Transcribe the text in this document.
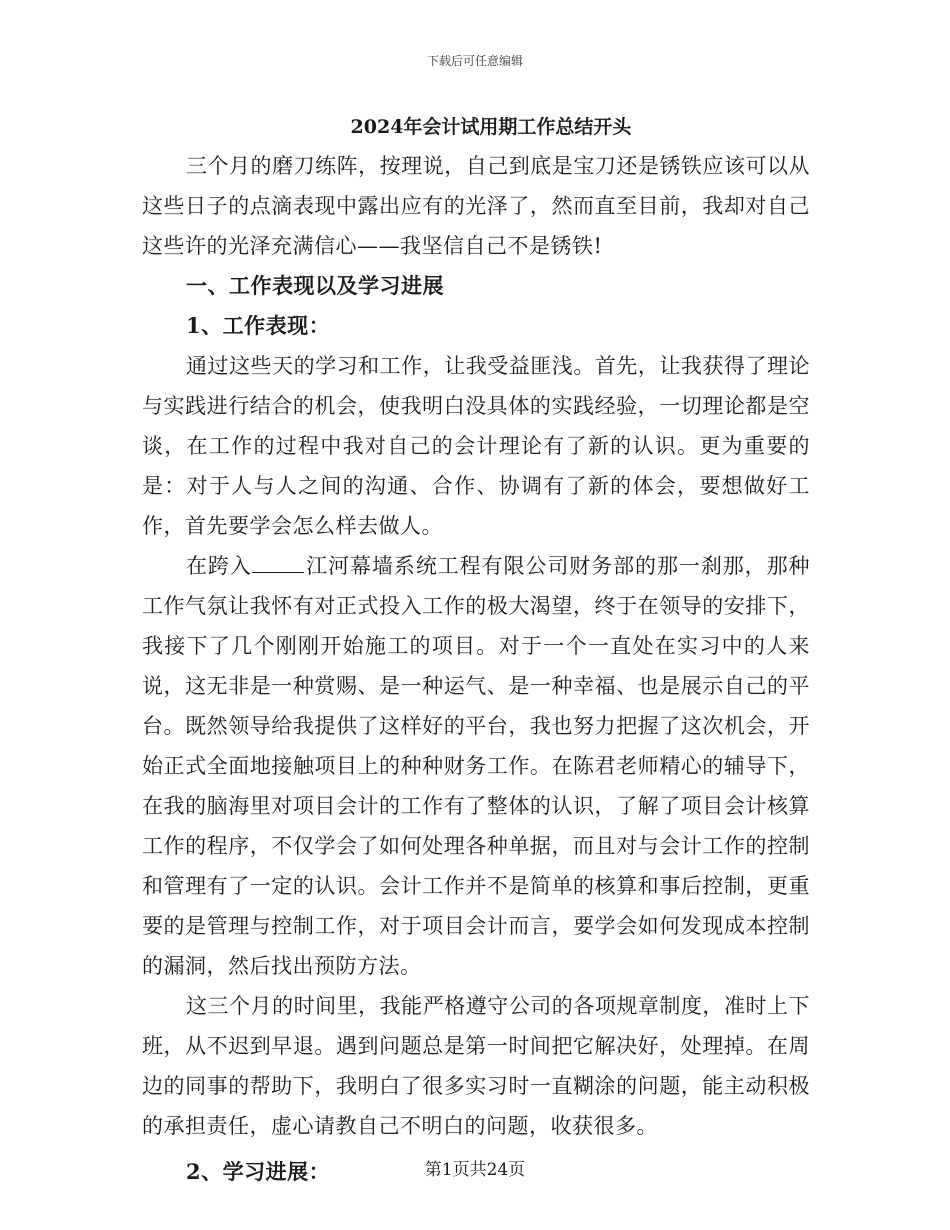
下载后可任意编辑
2024年会计试用期工作总结开头

三个月的磨刀练阵，按理说，自己到底是宝刀还是锈铁应该可以从这些日子的点滴表现中露出应有的光泽了，然而直至目前，我却对自己这些许的光泽充满信心——我坚信自己不是锈铁!

一、工作表现以及学习进展
1、工作表现：

通过这些天的学习和工作，让我受益匪浅。首先，让我获得了理论与实践进行结合的机会，使我明白没具体的实践经验，一切理论都是空谈，在工作的过程中我对自己的会计理论有了新的认识。更为重要的是：对于人与人之间的沟通、合作、协调有了新的体会，要想做好工作，首先要学会怎么样去做人。

在跨入	江河幕墙系统工程有限公司财务部的那一刹那，那种工作气氛让我怀有对正式投入工作的极大渴望，终于在领导的安排下，我接下了几个刚刚开始施工的项目。对于一个一直处在实习中的人来说，这无非是一种赏赐、是一种运气、是一种幸福、也是展示自己的平台。既然领导给我提供了这样好的平台，我也努力把握了这次机会，开始正式全面地接触项目上的种种财务工作。在陈君老师精心的辅导下，在我的脑海里对项目会计的工作有了整体的认识，了解了项目会计核算工作的程序，不仅学会了如何处理各种单据，而且对与会计工作的控制和管理有了一定的认识。会计工作并不是简单的核算和事后控制，更重要的是管理与控制工作，对于项目会计而言，要学会如何发现成本控制的漏洞，然后找出预防方法。

这三个月的时间里，我能严格遵守公司的各项规章制度，准时上下班，从不迟到早退。遇到问题总是第一时间把它解决好，处理掉。在周边的同事的帮助下，我明白了很多实习时一直糊涂的问题，能主动积极的承担责任，虚心请教自己不明白的问题，收获很多。

2、学习进展：	第1页共24页
